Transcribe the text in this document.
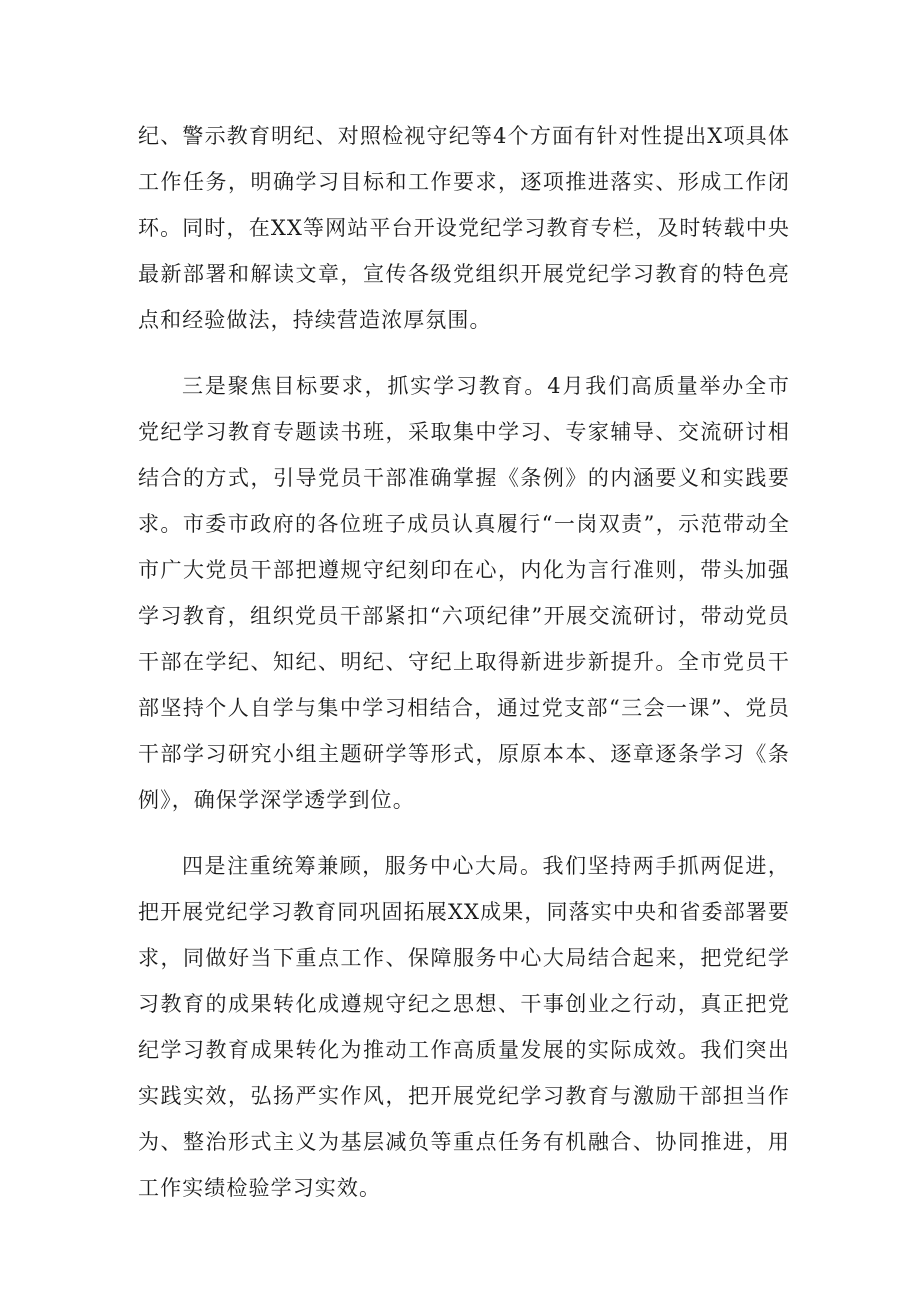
纪、警示教育明纪、对照检视守纪等4个方面有针对性提出X项具体工作任务，明确学习目标和工作要求，逐项推进落实、形成工作闭环。同时，在XX等网站平台开设党纪学习教育专栏，及时转载中央最新部署和解读文章，宣传各级党组织开展党纪学习教育的特色亮点和经验做法，持续营造浓厚氛围。

三是聚焦目标要求，抓实学习教育。4月我们高质量举办全市党纪学习教育专题读书班，采取集中学习、专家辅导、交流研讨相结合的方式，引导党员干部准确掌握《条例》的内涵要义和实践要求。市委市政府的各位班子成员认真履行“一岗双责”，示范带动全市广大党员干部把遵规守纪刻印在心，内化为言行准则，带头加强学习教育，组织党员干部紧扣“六项纪律”开展交流研讨，带动党员干部在学纪、知纪、明纪、守纪上取得新进步新提升。全市党员干部坚持个人自学与集中学习相结合，通过党支部“三会一课”、党员干部学习研究小组主题研学等形式，原原本本、逐章逐条学习《条例》，确保学深学透学到位。

四是注重统筹兼顾，服务中心大局。我们坚持两手抓两促进，把开展党纪学习教育同巩固拓展XX成果，同落实中央和省委部署要求，同做好当下重点工作、保障服务中心大局结合起来，把党纪学习教育的成果转化成遵规守纪之思想、干事创业之行动，真正把党纪学习教育成果转化为推动工作高质量发展的实际成效。我们突出实践实效，弘扬严实作风，把开展党纪学习教育与激励干部担当作为、整治形式主义为基层减负等重点任务有机融合、协同推进，用工作实绩检验学习实效。
